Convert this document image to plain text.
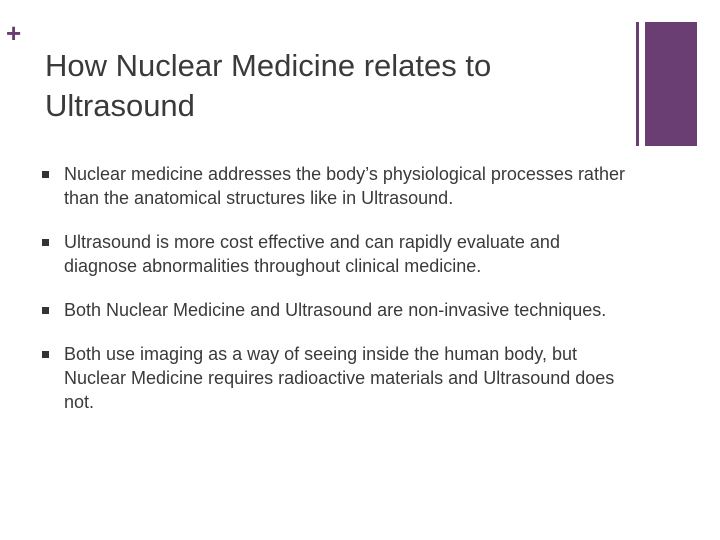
+
How Nuclear Medicine relates to Ultrasound
Nuclear medicine addresses the body’s physiological processes rather than the anatomical structures like in Ultrasound.
Ultrasound is more cost effective and can rapidly evaluate and diagnose abnormalities throughout clinical medicine.
Both Nuclear Medicine and Ultrasound are non-invasive techniques.
Both use imaging as a way of seeing inside the human body, but Nuclear Medicine requires radioactive materials and Ultrasound does not.
